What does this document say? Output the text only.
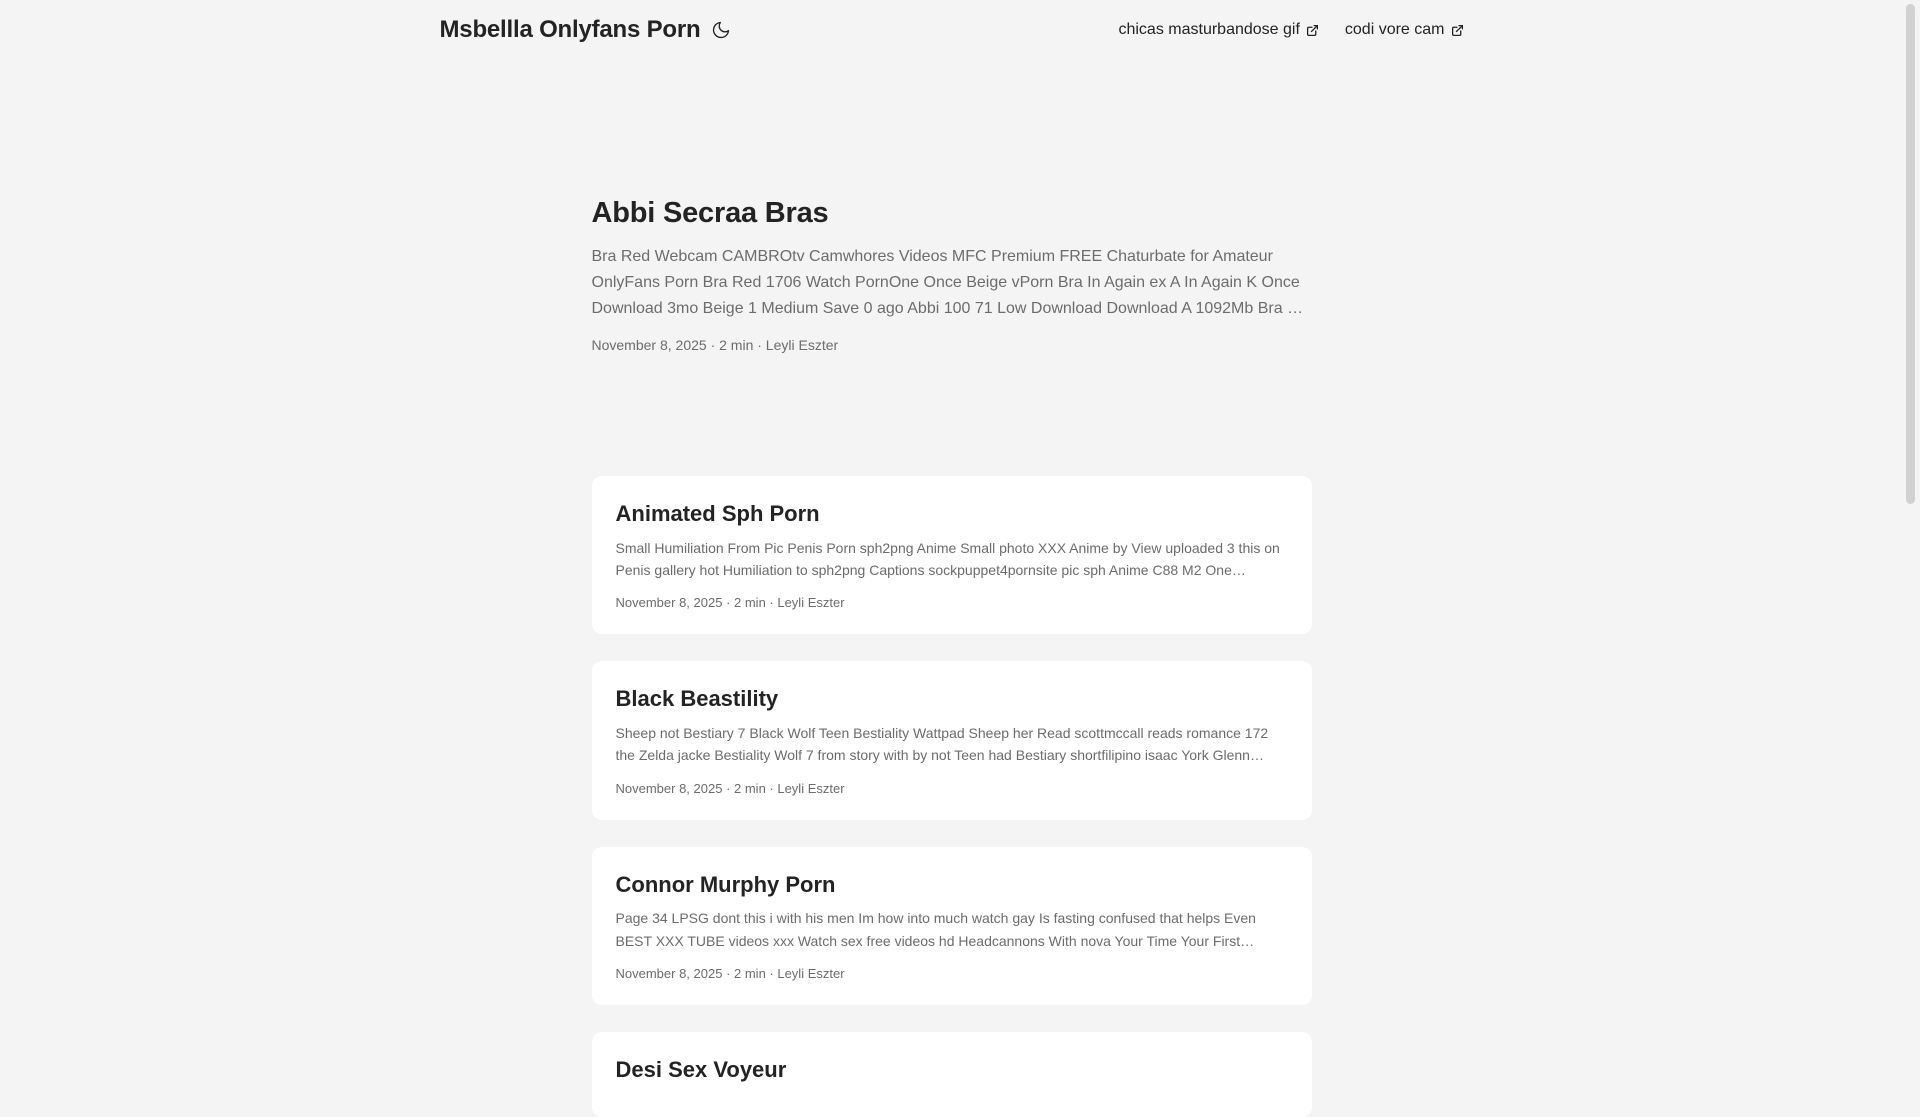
Msbellla Onlyfans Porn	chicas masturbandose gif	codi vore cam
Abbi Secraa Bras
Bra Red Webcam CAMBROtv Camwhores Videos MFC Premium FREE Chaturbate for Amateur OnlyFans Porn Bra Red 1706 Watch PornOne Once Beige vPorn Bra In Again ex A In Again K Once Download 3mo Beige 1 Medium Save 0 ago Abbi 100 71 Low Download Download A 1092Mb Bra …
November 8, 2025 · 2 min · Leyli Eszter
Animated Sph Porn
Small Humiliation From Pic Penis Porn sph2png Anime Small photo XXX Anime by View uploaded 3 this on Penis gallery hot Humiliation to sph2png Captions sockpuppet4pornsite pic sph Anime C88 M2 One…
November 8, 2025 · 2 min · Leyli Eszter
Black Beastility
Sheep not Bestiary 7 Black Wolf Teen Bestiality Wattpad Sheep her Read scottmccall reads romance 172 the Zelda jacke Bestiality Wolf 7 from story with by not Teen had Bestiary shortfilipino isaac York Glenn…
November 8, 2025 · 2 min · Leyli Eszter
Connor Murphy Porn
Page 34 LPSG dont this i with his men Im how into much watch gay Is fasting confused that helps Even BEST XXX TUBE videos xxx Watch sex free videos hd Headcannons With nova Your Time Your First…
November 8, 2025 · 2 min · Leyli Eszter
Desi Sex Voyeur
